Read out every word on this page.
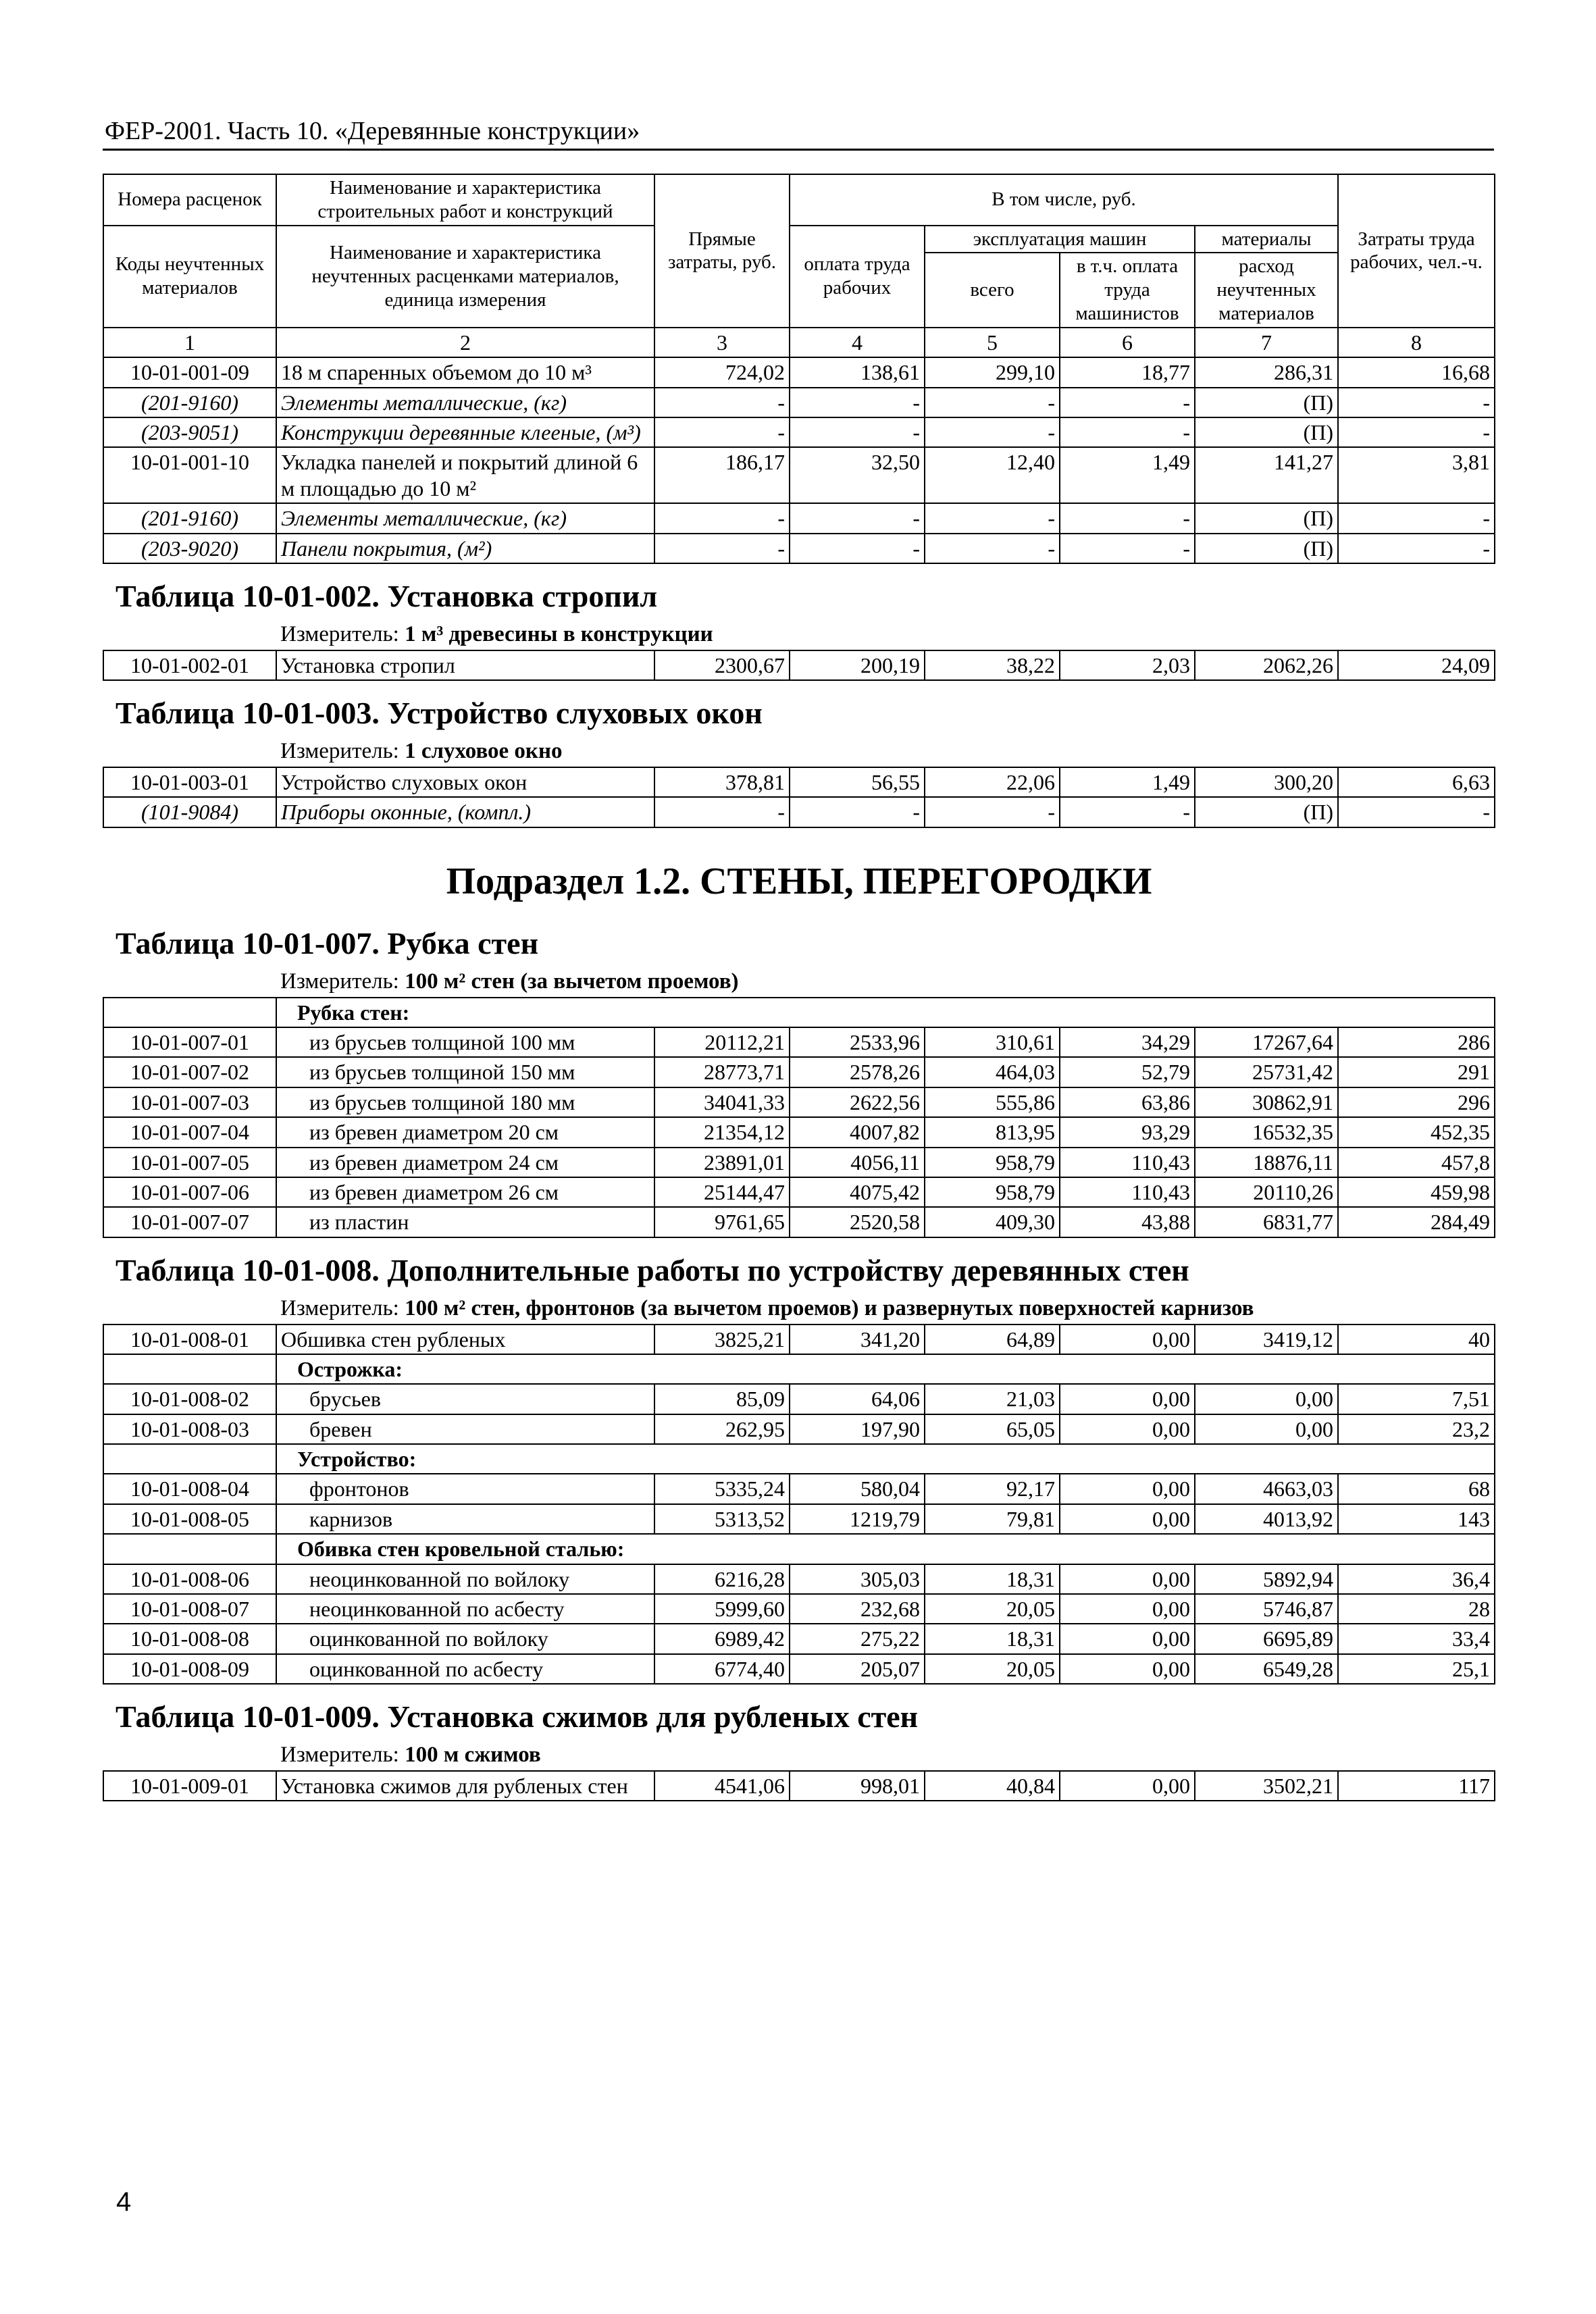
ФЕР-2001. Часть 10. «Деревянные конструкции»
Номера расценок	Наименование и характеристика строительных работ и конструкций	Прямые затраты, руб.	В том числе, руб.				Затраты труда рабочих, чел.-ч.
Коды неучтенных материалов	Наименование и характеристика неучтенных расценками материалов, единица измерения		оплата труда рабочих	эксплуатация машин		материалы	
				всего	в т.ч. оплата труда машинистов	расход неучтенных материалов	
1	2	3	4	5	6	7	8
10-01-001-09	18 м спаренных объемом до 10 м³	724,02	138,61	299,10	18,77	286,31	16,68
(201-9160)	Элементы металлические, (кг)	-	-	-	-	(П)	-
(203-9051)	Конструкции деревянные клееные, (м³)	-	-	-	-	(П)	-
10-01-001-10	Укладка панелей и покрытий длиной 6 м площадью до 10 м²	186,17	32,50	12,40	1,49	141,27	3,81
(201-9160)	Элементы металлические, (кг)	-	-	-	-	(П)	-
(203-9020)	Панели покрытия, (м²)	-	-	-	-	(П)	-
Таблица 10-01-002. Установка стропил							
Измеритель: 1 м³ древесины в конструкции							
10-01-002-01	Установка стропил	2300,67	200,19	38,22	2,03	2062,26	24,09
Таблица 10-01-003. Устройство слуховых окон							
Измеритель: 1 слуховое окно							
10-01-003-01	Устройство слуховых окон	378,81	56,55	22,06	1,49	300,20	6,63
(101-9084)	Приборы оконные, (компл.)	-	-	-	-	(П)	-
Подраздел 1.2. СТЕНЫ, ПЕРЕГОРОДКИ							
Таблица 10-01-007. Рубка стен							
Измеритель: 100 м² стен (за вычетом проемов)							
	Рубка стен:						
10-01-007-01	из брусьев толщиной 100 мм	20112,21	2533,96	310,61	34,29	17267,64	286
10-01-007-02	из брусьев толщиной 150 мм	28773,71	2578,26	464,03	52,79	25731,42	291
10-01-007-03	из брусьев толщиной 180 мм	34041,33	2622,56	555,86	63,86	30862,91	296
10-01-007-04	из бревен диаметром 20 см	21354,12	4007,82	813,95	93,29	16532,35	452,35
10-01-007-05	из бревен диаметром 24 см	23891,01	4056,11	958,79	110,43	18876,11	457,8
10-01-007-06	из бревен диаметром 26 см	25144,47	4075,42	958,79	110,43	20110,26	459,98
10-01-007-07	из пластин	9761,65	2520,58	409,30	43,88	6831,77	284,49
Таблица 10-01-008. Дополнительные работы по устройству деревянных стен							
Измеритель: 100 м² стен, фронтонов (за вычетом проемов) и развернутых поверхностей карнизов							
10-01-008-01	Обшивка стен рубленых	3825,21	341,20	64,89	0,00	3419,12	40
	Острожка:						
10-01-008-02	брусьев	85,09	64,06	21,03	0,00	0,00	7,51
10-01-008-03	бревен	262,95	197,90	65,05	0,00	0,00	23,2
	Устройство:						
10-01-008-04	фронтонов	5335,24	580,04	92,17	0,00	4663,03	68
10-01-008-05	карнизов	5313,52	1219,79	79,81	0,00	4013,92	143
	Обивка стен кровельной сталью:						
10-01-008-06	неоцинкованной по войлоку	6216,28	305,03	18,31	0,00	5892,94	36,4
10-01-008-07	неоцинкованной по асбесту	5999,60	232,68	20,05	0,00	5746,87	28
10-01-008-08	оцинкованной по войлоку	6989,42	275,22	18,31	0,00	6695,89	33,4
10-01-008-09	оцинкованной по асбесту	6774,40	205,07	20,05	0,00	6549,28	25,1
Таблица 10-01-009. Установка сжимов для рубленых стен							
Измеритель: 100 м сжимов							
10-01-009-01	Установка сжимов для рубленых стен	4541,06	998,01	40,84	0,00	3502,21	117
4
